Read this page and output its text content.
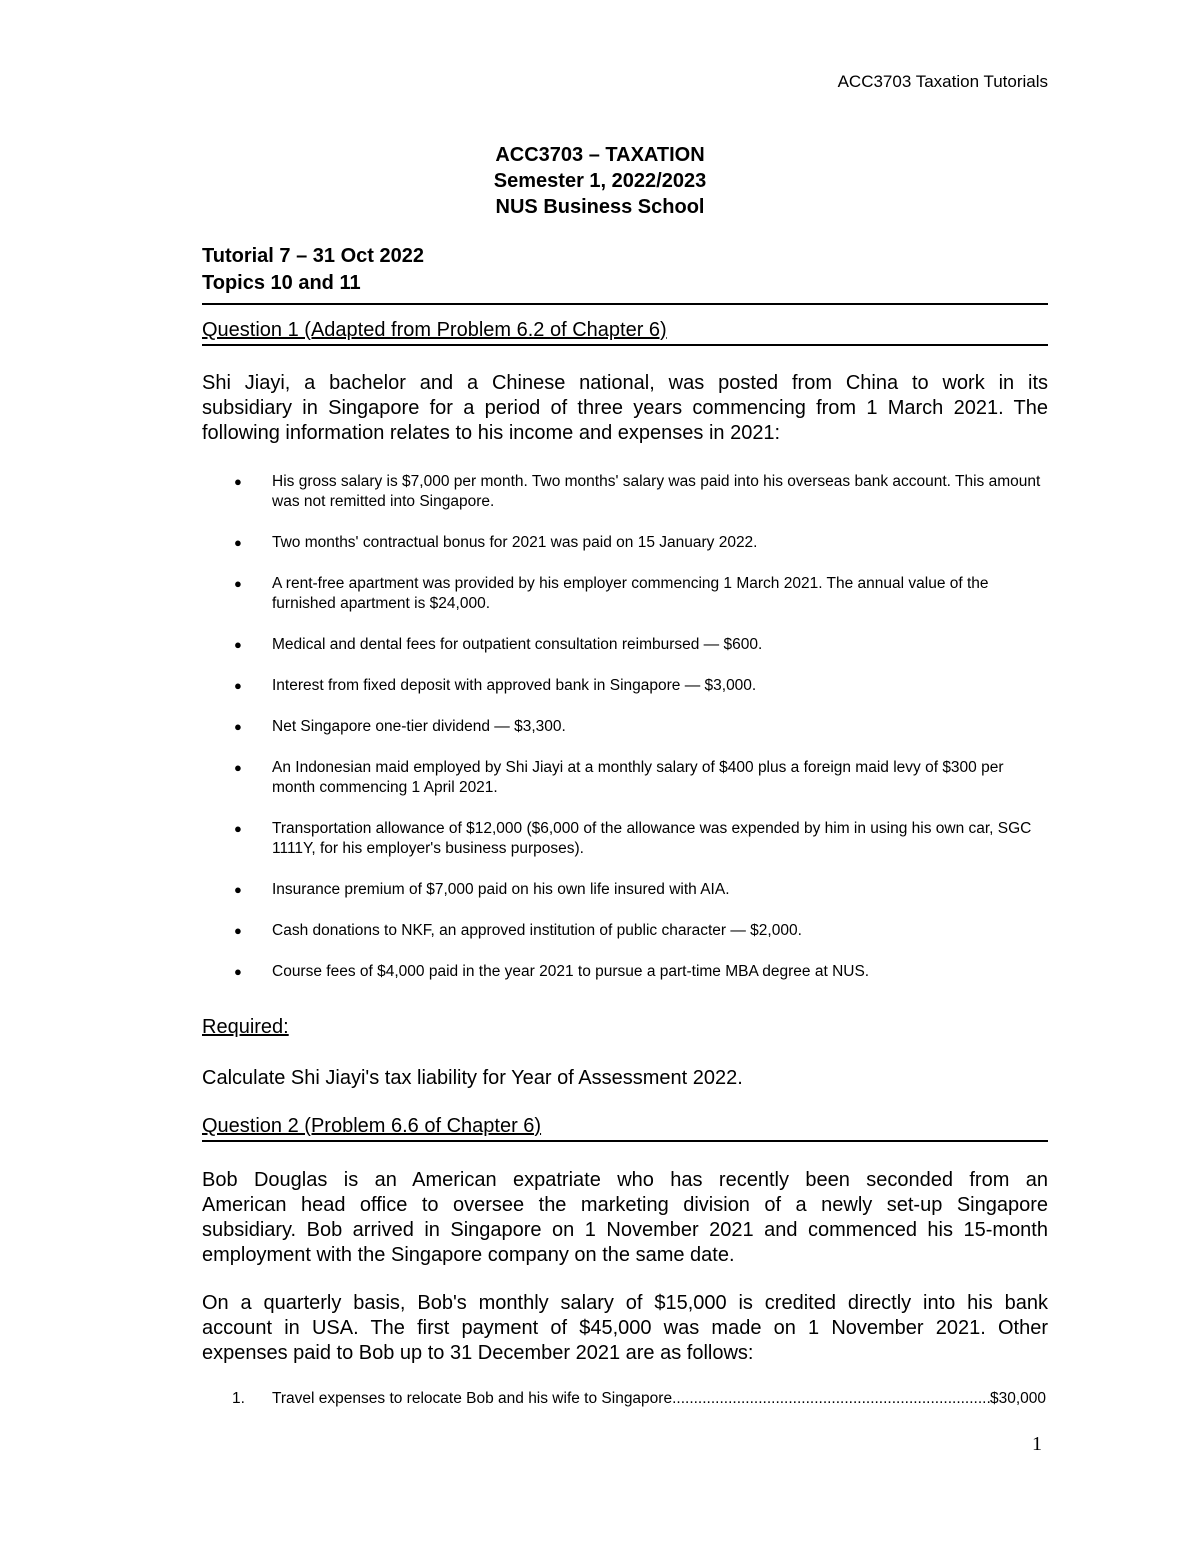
ACC3703 Taxation Tutorials
ACC3703 – TAXATION
Semester 1, 2022/2023
NUS Business School
Tutorial 7 – 31 Oct 2022
Topics 10 and 11
Question 1 (Adapted from Problem 6.2 of Chapter 6)
Shi Jiayi, a bachelor and a Chinese national, was posted from China to work in its
subsidiary in Singapore for a period of three years commencing from 1 March 2021. The
following information relates to his income and expenses in 2021:
● His gross salary is $7,000 per month. Two months' salary was paid into his overseas bank account. This amount was not remitted into Singapore.
● Two months' contractual bonus for 2021 was paid on 15 January 2022.
● A rent-free apartment was provided by his employer commencing 1 March 2021. The annual value of the furnished apartment is $24,000.
● Medical and dental fees for outpatient consultation reimbursed — $600.
● Interest from fixed deposit with approved bank in Singapore — $3,000.
● Net Singapore one-tier dividend — $3,300.
● An Indonesian maid employed by Shi Jiayi at a monthly salary of $400 plus a foreign maid levy of $300 per month commencing 1 April 2021.
● Transportation allowance of $12,000 ($6,000 of the allowance was expended by him in using his own car, SGC 1111Y, for his employer's business purposes).
● Insurance premium of $7,000 paid on his own life insured with AIA.
● Cash donations to NKF, an approved institution of public character — $2,000.
● Course fees of $4,000 paid in the year 2021 to pursue a part-time MBA degree at NUS.
Required:
Calculate Shi Jiayi's tax liability for Year of Assessment 2022.
Question 2 (Problem 6.6 of Chapter 6)
Bob Douglas is an American expatriate who has recently been seconded from an
American head office to oversee the marketing division of a newly set-up Singapore
subsidiary. Bob arrived in Singapore on 1 November 2021 and commenced his 15-month
employment with the Singapore company on the same date.
On a quarterly basis, Bob's monthly salary of $15,000 is credited directly into his bank
account in USA. The first payment of $45,000 was made on 1 November 2021. Other
expenses paid to Bob up to 31 December 2021 are as follows:
1.	Travel expenses to relocate Bob and his wife to Singapore
.....	$30,000
1
